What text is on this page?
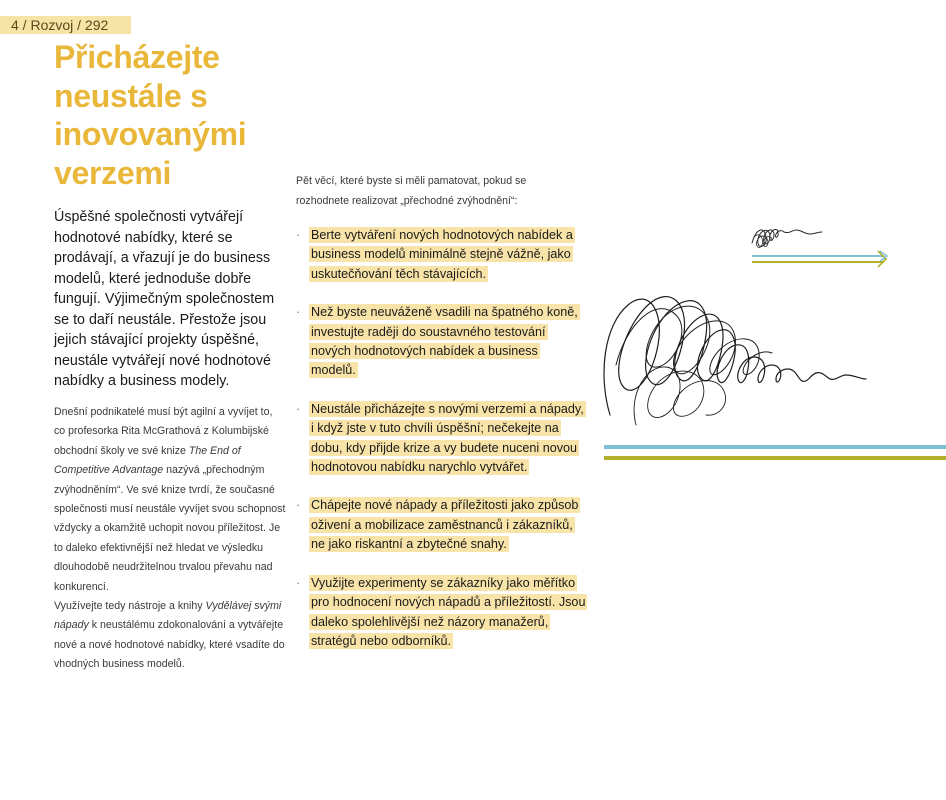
4 / Rozvoj / 292
Přicházejte neustále s inovovanými verzemi

Úspěšné společnosti vytvářejí hodnotové nabídky, které se prodávají, a vřazují je do business modelů, které jednoduše dobře fungují. Výjimečným společnostem se to daří neustále. Přestože jsou jejich stávající projekty úspěšné, neustále vytvářejí nové hodnotové nabídky a business modely.

Dnešní podnikatelé musí být agilní a vyvíjet to, co profesorka Rita McGrathová z Kolumbijské obchodní školy ve své knize The End of Competitive Advantage nazývá „přechodným zvýhodněním“. Ve své knize tvrdí, že současné společnosti musí neustále vyvíjet svou schopnost vždycky a okamžitě uchopit novou příležitost. Je to daleko efektivnější než hledat ve výsledku dlouhodobě neudržitelnou trvalou převahu nad konkurencí.

Využívejte tedy nástroje a knihy Vydělávej svými nápady k neustálému zdokonalování a vytvářejte nové a nové hodnotové nabídky, které vsadíte do vhodných business modelů.

Pět věcí, které byste si měli pamatovat, pokud se rozhodnete realizovat „přechodné zvýhodnění“:

· Berte vytváření nových hodnotových nabídek a business modelů minimálně stejně vážně, jako uskutečňování těch stávajících.
· Než byste neuváženě vsadili na špatného koně, investujte raději do soustavného testování nových hodnotových nabídek a business modelů.
· Neustále přicházejte s novými verzemi a nápady, i když jste v tuto chvíli úspěšní; nečekejte na dobu, kdy přijde krize a vy budete nuceni novou hodnotovou nabídku narychlo vytvářet.
· Chápejte nové nápady a příležitosti jako způsob oživení a mobilizace zaměstnanců i zákazníků, ne jako riskantní a zbytečné snahy.
· Využijte experimenty se zákazníky jako měřítko pro hodnocení nových nápadů a příležitostí. Jsou daleko spolehlivější než názory manažerů, stratégů nebo odborníků.
